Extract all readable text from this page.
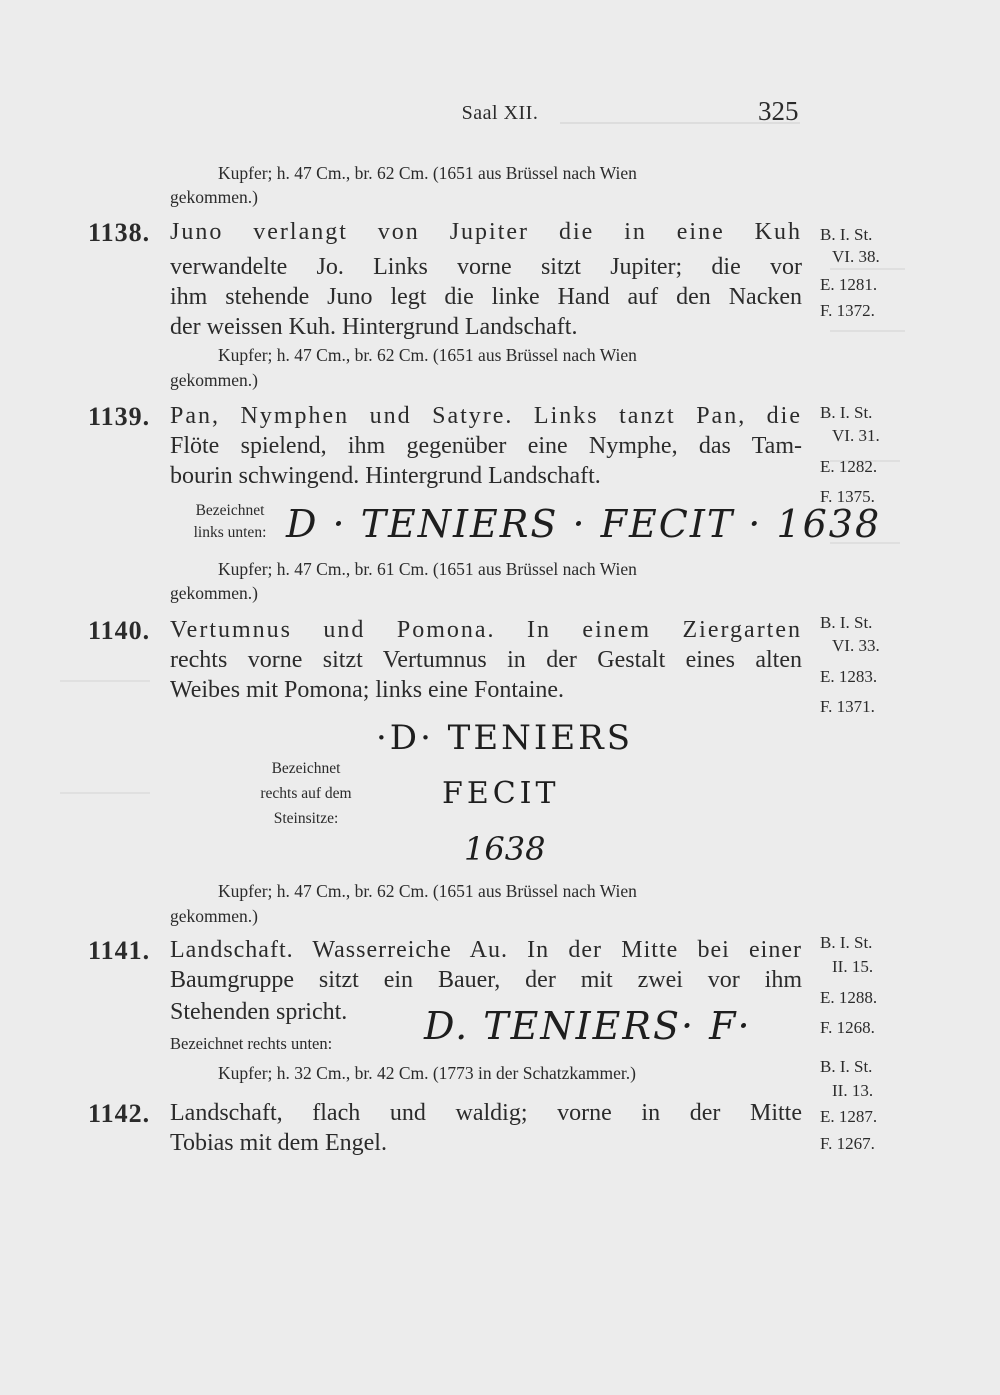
Saal XII.	325
Kupfer; h. 47 Cm., br. 62 Cm. (1651 aus Brüssel nach Wien
gekommen.)
1138. Juno verlangt von Jupiter die in eine Kuh
verwandelte Jo. Links vorne sitzt Jupiter; die vor
ihm stehende Juno legt die linke Hand auf den Nacken
der weissen Kuh. Hintergrund Landschaft.
Kupfer; h. 47 Cm., br. 62 Cm. (1651 aus Brüssel nach Wien
gekommen.)
B. I. St.
VI. 38.
E. 1281.
F. 1372.
1139. Pan, Nymphen und Satyre. Links tanzt Pan, die
Flöte spielend, ihm gegenüber eine Nymphe, das Tam-
bourin schwingend. Hintergrund Landschaft.
Bezeichnet
links unten: D · TENIERS · FECIT · 1638
Kupfer; h. 47 Cm., br. 61 Cm. (1651 aus Brüssel nach Wien
gekommen.)
B. I. St.
VI. 31.
E. 1282.
F. 1375.
1140. Vertumnus und Pomona. In einem Ziergarten
rechts vorne sitzt Vertumnus in der Gestalt eines alten
Weibes mit Pomona; links eine Fontaine.
Bezeichnet
rechts auf dem
Steinsitze:
·D· TENIERS
FECIT
1638
Kupfer; h. 47 Cm., br. 62 Cm. (1651 aus Brüssel nach Wien
gekommen.)
B. I. St.
VI. 33.
E. 1283.
F. 1371.
1141. Landschaft. Wasserreiche Au. In der Mitte bei einer
Baumgruppe sitzt ein Bauer, der mit zwei vor ihm
Stehenden spricht.
Bezeichnet rechts unten: D. TENIERS· F·
Kupfer; h. 32 Cm., br. 42 Cm. (1773 in der Schatzkammer.)
B. I. St.
II. 15.
E. 1288.
F. 1268.
1142. Landschaft, flach und waldig; vorne in der Mitte
Tobias mit dem Engel.
B. I. St.
II. 13.
E. 1287.
F. 1267.
